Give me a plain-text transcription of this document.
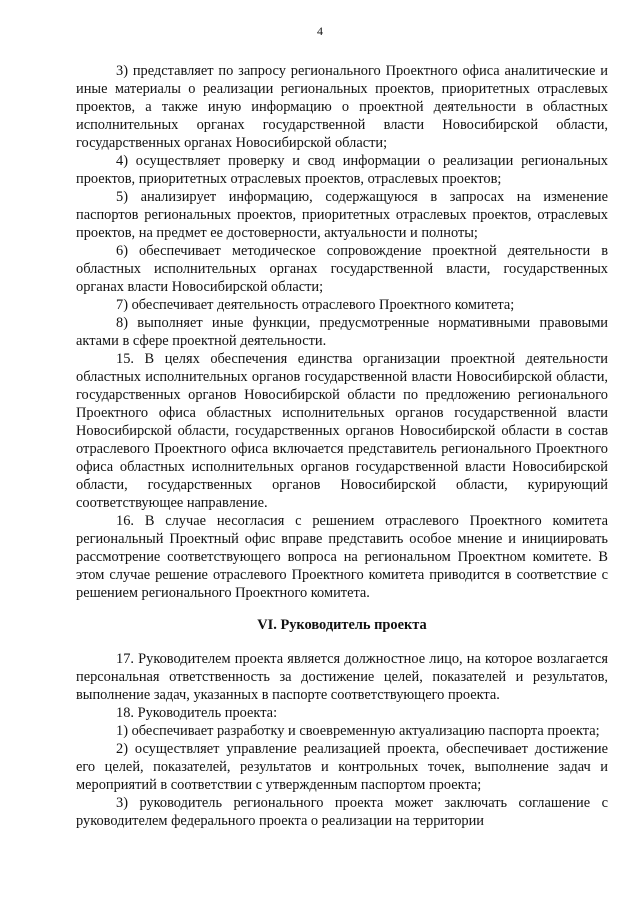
4

3) представляет по запросу регионального Проектного офиса аналитические и иные материалы о реализации региональных проектов, приоритетных отраслевых проектов, а также иную информацию о проектной деятельности в областных исполнительных органах государственной власти Новосибирской области, государственных органах Новосибирской области;

4) осуществляет проверку и свод информации о реализации региональных проектов, приоритетных отраслевых проектов, отраслевых проектов;

5) анализирует информацию, содержащуюся в запросах на изменение паспортов региональных проектов, приоритетных отраслевых проектов, отраслевых проектов, на предмет ее достоверности, актуальности и полноты;

6) обеспечивает методическое сопровождение проектной деятельности в областных исполнительных органах государственной власти, государственных органах власти Новосибирской области;

7) обеспечивает деятельность отраслевого Проектного комитета;

8) выполняет иные функции, предусмотренные нормативными правовыми актами в сфере проектной деятельности.

15. В целях обеспечения единства организации проектной деятельности областных исполнительных органов государственной власти Новосибирской области, государственных органов Новосибирской области по предложению регионального Проектного офиса областных исполнительных органов государственной власти Новосибирской области, государственных органов Новосибирской области в состав отраслевого Проектного офиса включается представитель регионального Проектного офиса областных исполнительных органов государственной власти Новосибирской области, государственных органов Новосибирской области, курирующий соответствующее направление.

16. В случае несогласия с решением отраслевого Проектного комитета региональный Проектный офис вправе представить особое мнение и инициировать рассмотрение соответствующего вопроса на региональном Проектном комитете. В этом случае решение отраслевого Проектного комитета приводится в соответствие с решением регионального Проектного комитета.

VI. Руководитель проекта

17. Руководителем проекта является должностное лицо, на которое возлагается персональная ответственность за достижение целей, показателей и результатов, выполнение задач, указанных в паспорте соответствующего проекта.

18. Руководитель проекта:

1) обеспечивает разработку и своевременную актуализацию паспорта проекта;

2) осуществляет управление реализацией проекта, обеспечивает достижение его целей, показателей, результатов и контрольных точек, выполнение задач и мероприятий в соответствии с утвержденным паспортом проекта;

3) руководитель регионального проекта может заключать соглашение с руководителем федерального проекта о реализации на территории
